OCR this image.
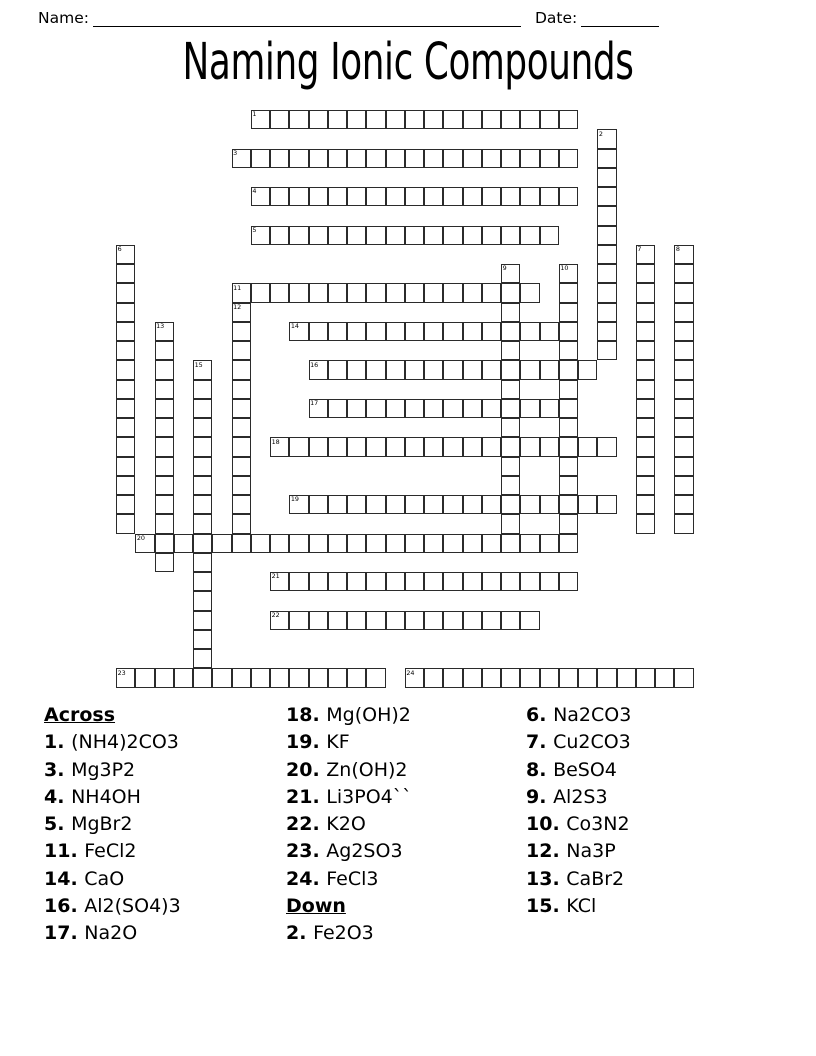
Name:	Date:
Naming Ionic Compounds
1
2
3
4
5
6	7	8
9	10
11
12
13	14
15	16
17
18
19
20
21
22
23	24
Across
1. (NH4)2CO3
3. Mg3P2
4. NH4OH
5. MgBr2
11. FeCl2
14. CaO
16. Al2(SO4)3
17. Na2O
18. Mg(OH)2
19. KF
20. Zn(OH)2
21. Li3PO4``
22. K2O
23. Ag2SO3
24. FeCl3
Down
2. Fe2O3
6. Na2CO3
7. Cu2CO3
8. BeSO4
9. Al2S3
10. Co3N2
12. Na3P
13. CaBr2
15. KCl
